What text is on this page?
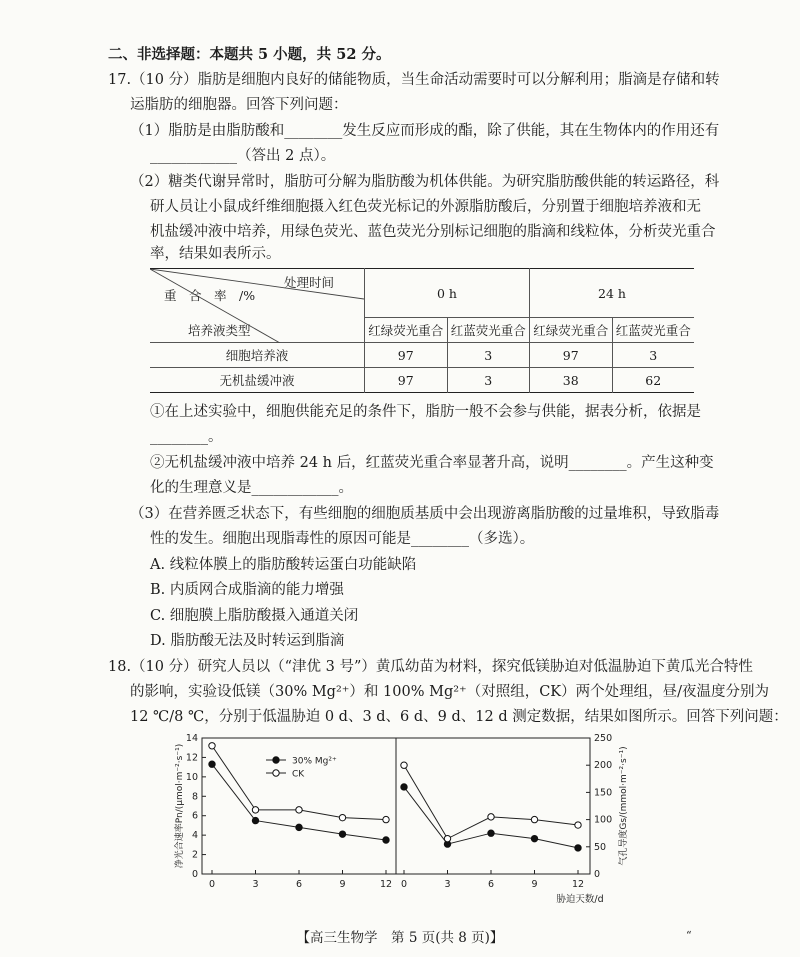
二、非选择题：本题共 5 小题，共 52 分。
17.（10 分）脂肪是细胞内良好的储能物质，当生命活动需要时可以分解利用；脂滴是存储和转
运脂肪的细胞器。回答下列问题：
（1）脂肪是由脂肪酸和________发生反应而形成的酯，除了供能，其在生物体内的作用还有
____________（答出 2 点）。
（2）糖类代谢异常时，脂肪可分解为脂肪酸为机体供能。为研究脂肪酸供能的转运路径，科
研人员让小鼠成纤维细胞摄入红色荧光标记的外源脂肪酸后，分别置于细胞培养液和无
机盐缓冲液中培养，用绿色荧光、蓝色荧光分别标记细胞的脂滴和线粒体，分析荧光重合
率，结果如表所示。
处理时间
重　合　率　/%
培养液类型	0 h		24 h	
	红绿荧光重合	红蓝荧光重合	红绿荧光重合	红蓝荧光重合
细胞培养液	97	3	97	3
无机盐缓冲液	97	3	38	62
①在上述实验中，细胞供能充足的条件下，脂肪一般不会参与供能，据表分析，依据是
________。
②无机盐缓冲液中培养 24 h 后，红蓝荧光重合率显著升高，说明________。产生这种变
化的生理意义是____________。
（3）在营养匮乏状态下，有些细胞的细胞质基质中会出现游离脂肪酸的过量堆积，导致脂毒
性的发生。细胞出现脂毒性的原因可能是________（多选）。
A. 线粒体膜上的脂肪酸转运蛋白功能缺陷
B. 内质网合成脂滴的能力增强
C. 细胞膜上脂肪酸摄入通道关闭
D. 脂肪酸无法及时转运到脂滴
18.（10 分）研究人员以（“津优 3 号”）黄瓜幼苗为材料，探究低镁胁迫对低温胁迫下黄瓜光合特性
的影响，实验设低镁（30% Mg²⁺）和 100% Mg²⁺（对照组，CK）两个处理组，昼/夜温度分别为
12 ℃/8 ℃，分别于低温胁迫 0 d、3 d、6 d、9 d、12 d 测定数据，结果如图所示。回答下列问题：
0
2
4
6
8
10
12
14
0	3	6	9	12
净光合速率Pn/(μmol·m⁻²·s⁻¹)
0
50
100
150
200
250
0	3	6	9	12
气孔导度Gs/(mmol·m⁻²·s⁻¹)
胁迫天数/d
30% Mg²⁺
CK
【高三生物学　第 5 页(共 8 页)】	“
